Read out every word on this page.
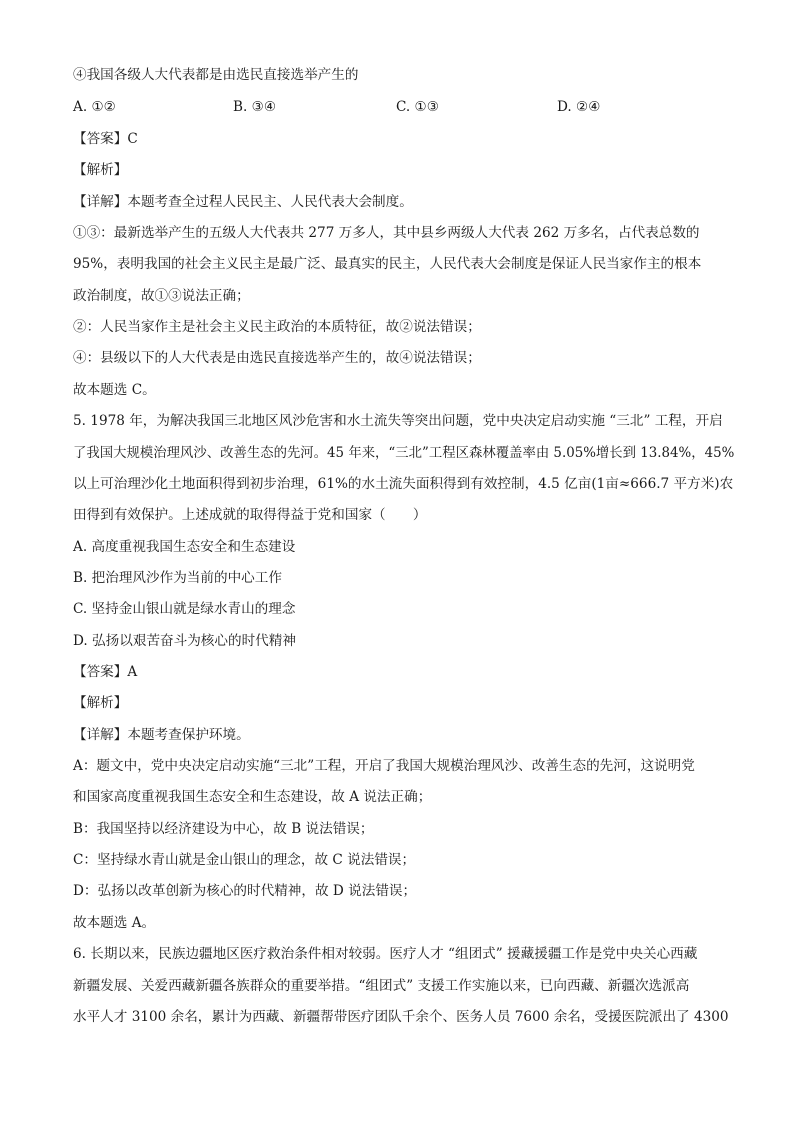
④我国各级人大代表都是由选民直接选举产生的
A. ①②	B. ③④	C. ①③	D. ②④
【答案】C
【解析】
【详解】本题考查全过程人民民主、人民代表大会制度。
①③：最新选举产生的五级人大代表共 277 万多人，其中县乡两级人大代表 262 万多名，占代表总数的
95%，表明我国的社会主义民主是最广泛、最真实的民主，人民代表大会制度是保证人民当家作主的根本
政治制度，故①③说法正确；
②：人民当家作主是社会主义民主政治的本质特征，故②说法错误；
④：县级以下的人大代表是由选民直接选举产生的，故④说法错误；
故本题选 C。
5. 1978 年，为解决我国三北地区风沙危害和水土流失等突出问题，党中央决定启动实施 “三北” 工程，开启
了我国大规模治理风沙、改善生态的先河。45 年来，“三北”工程区森林覆盖率由 5.05%增长到 13.84%，45%
以上可治理沙化土地面积得到初步治理，61%的水土流失面积得到有效控制，4.5 亿亩(1亩≈666.7 平方米)农
田得到有效保护。上述成就的取得得益于党和国家（　　）
A. 高度重视我国生态安全和生态建设
B. 把治理风沙作为当前的中心工作
C. 坚持金山银山就是绿水青山的理念
D. 弘扬以艰苦奋斗为核心的时代精神
【答案】A
【解析】
【详解】本题考查保护环境。
A：题文中，党中央决定启动实施“三北”工程，开启了我国大规模治理风沙、改善生态的先河，这说明党
和国家高度重视我国生态安全和生态建设，故 A 说法正确；
B：我国坚持以经济建设为中心，故 B 说法错误；
C：坚持绿水青山就是金山银山的理念，故 C 说法错误；
D：弘扬以改革创新为核心的时代精神，故 D 说法错误；
故本题选 A。
6. 长期以来，民族边疆地区医疗救治条件相对较弱。医疗人才 “组团式” 援藏援疆工作是党中央关心西藏
新疆发展、关爱西藏新疆各族群众的重要举措。“组团式” 支援工作实施以来，已向西藏、新疆次选派高
水平人才 3100 余名，累计为西藏、新疆帮带医疗团队千余个、医务人员 7600 余名，受援医院派出了 4300
